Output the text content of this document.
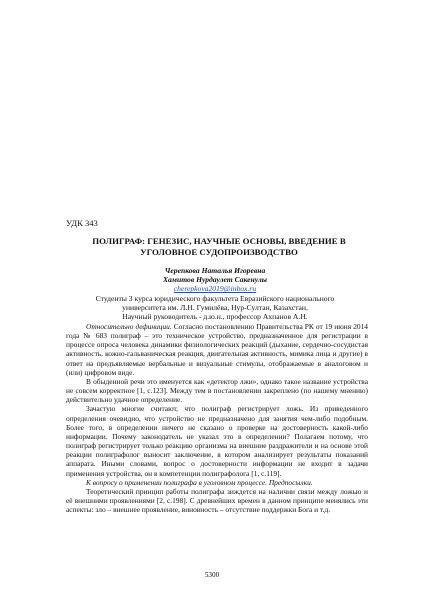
УДК 343
ПОЛИГРАФ: ГЕНЕЗИС, НАУЧНЫЕ ОСНОВЫ, ВВЕДЕНИЕ В УГОЛОВНОЕ СУДОПРОИЗВОДСТВО
Черепкова Наталья Игоревна
Хамитов Нурдаулет Сакенулы
cherepkova2019@inbox.ru
Студенты 3 курса юридического факультета Евразийского национального
университета им. Л.Н. Гумилёва, Нур-Султан, Казахстан,
Научный руководитель - д.ю.н., профессор Ахпанов А.Н.

Относительно дефиниции. Согласно постановлению Правительства РК от 19 июня 2014 года № 683 полиграф – это техническое устройство, предназначенное для регистрации в процессе опроса человека динамики физиологических реакций (дыхание, сердечно-сосудистая активность, кожно-гальваническая реакция, двигательная активность, мимика лица и другие) в ответ на предъявляемые вербальные и визуальные стимулы, отображаемые в аналоговом и (или) цифровом виде.

В обыденной речи это именуется как «детектор лжи», однако такое название устройства не совсем корректное [1, с.123]. Между тем в постановлении закреплено (по нашему мнению) действительно удачное определение.

Зачастую многие считают, что полиграф регистрирует ложь. Из приведенного определения очевидно, что устройство не предназначено для занятия чем-либо подобным. Более того, в определении ничего не сказано о проверке на достоверность какой-либо информации. Почему законодатель не указал это в определении? Полагаем потому, что полиграф регистрирует только реакцию организма на внешние раздражители и на основе этой реакции полиграфолог выносит заключение, в котором анализирует результаты показаний аппарата. Иными словами, вопрос о достоверности информации не входит в задачи применения устройства, он в компетенции полиграфолога [1, с.119].

К вопросу о применении полиграфа в уголовном процессе. Предпосылки.

Теоретический принцип работы полиграфа зиждется на наличии связи между ложью и её внешними проявлениями [2, с.198]. С древнейших времен в данном принципе менялись эти аспекты: зло – внешнее проявление, виновность – отсутствие поддержки Бога и т.д.

5300
